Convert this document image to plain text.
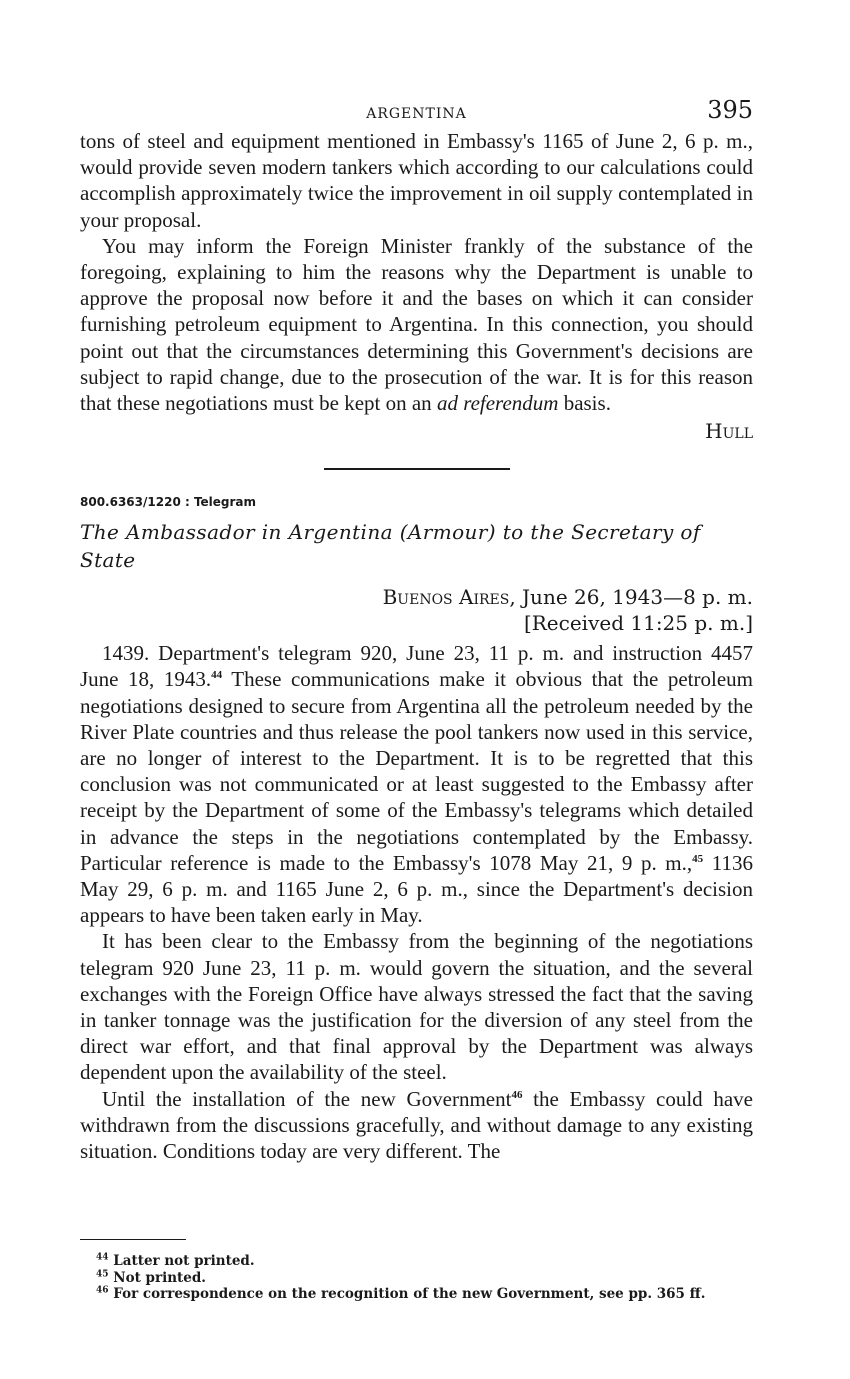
ARGENTINA	395

tons of steel and equipment mentioned in Embassy's 1165 of June 2, 6 p. m., would provide seven modern tankers which according to our calculations could accomplish approximately twice the improvement in oil supply contemplated in your proposal.

You may inform the Foreign Minister frankly of the substance of the foregoing, explaining to him the reasons why the Department is unable to approve the proposal now before it and the bases on which it can consider furnishing petroleum equipment to Argentina. In this connection, you should point out that the circumstances determining this Government's decisions are subject to rapid change, due to the prosecution of the war. It is for this reason that these negotiations must be kept on an ad referendum basis.

Hull
800.6363/1220 : Telegram
The Ambassador in Argentina (Armour) to the Secretary of State
Buenos Aires, June 26, 1943—8 p. m.
[Received 11:25 p. m.]

1439. Department's telegram 920, June 23, 11 p. m. and instruction 4457 June 18, 1943.44 These communications make it obvious that the petroleum negotiations designed to secure from Argentina all the petroleum needed by the River Plate countries and thus release the pool tankers now used in this service, are no longer of interest to the Department. It is to be regretted that this conclusion was not communicated or at least suggested to the Embassy after receipt by the Department of some of the Embassy's telegrams which detailed in advance the steps in the negotiations contemplated by the Embassy. Particular reference is made to the Embassy's 1078 May 21, 9 p. m.,$^{45}$ 1136 May 29, 6 p. m. and 1165 June 2, 6 p. m., since the Department's decision appears to have been taken early in May.

It has been clear to the Embassy from the beginning of the negotiations telegram 920 June 23, 11 p. m. would govern the situation, and the several exchanges with the Foreign Office have always stressed the fact that the saving in tanker tonnage was the justification for the diversion of any steel from the direct war effort, and that final approval by the Department was always dependent upon the availability of the steel.

Until the installation of the new Government$^{46}$ the Embassy could have withdrawn from the discussions gracefully, and without damage to any existing situation. Conditions today are very different. The

$^{44}$ Latter not printed.
$^{45}$ Not printed.
$^{46}$ For correspondence on the recognition of the new Government, see pp. 365 ff.
